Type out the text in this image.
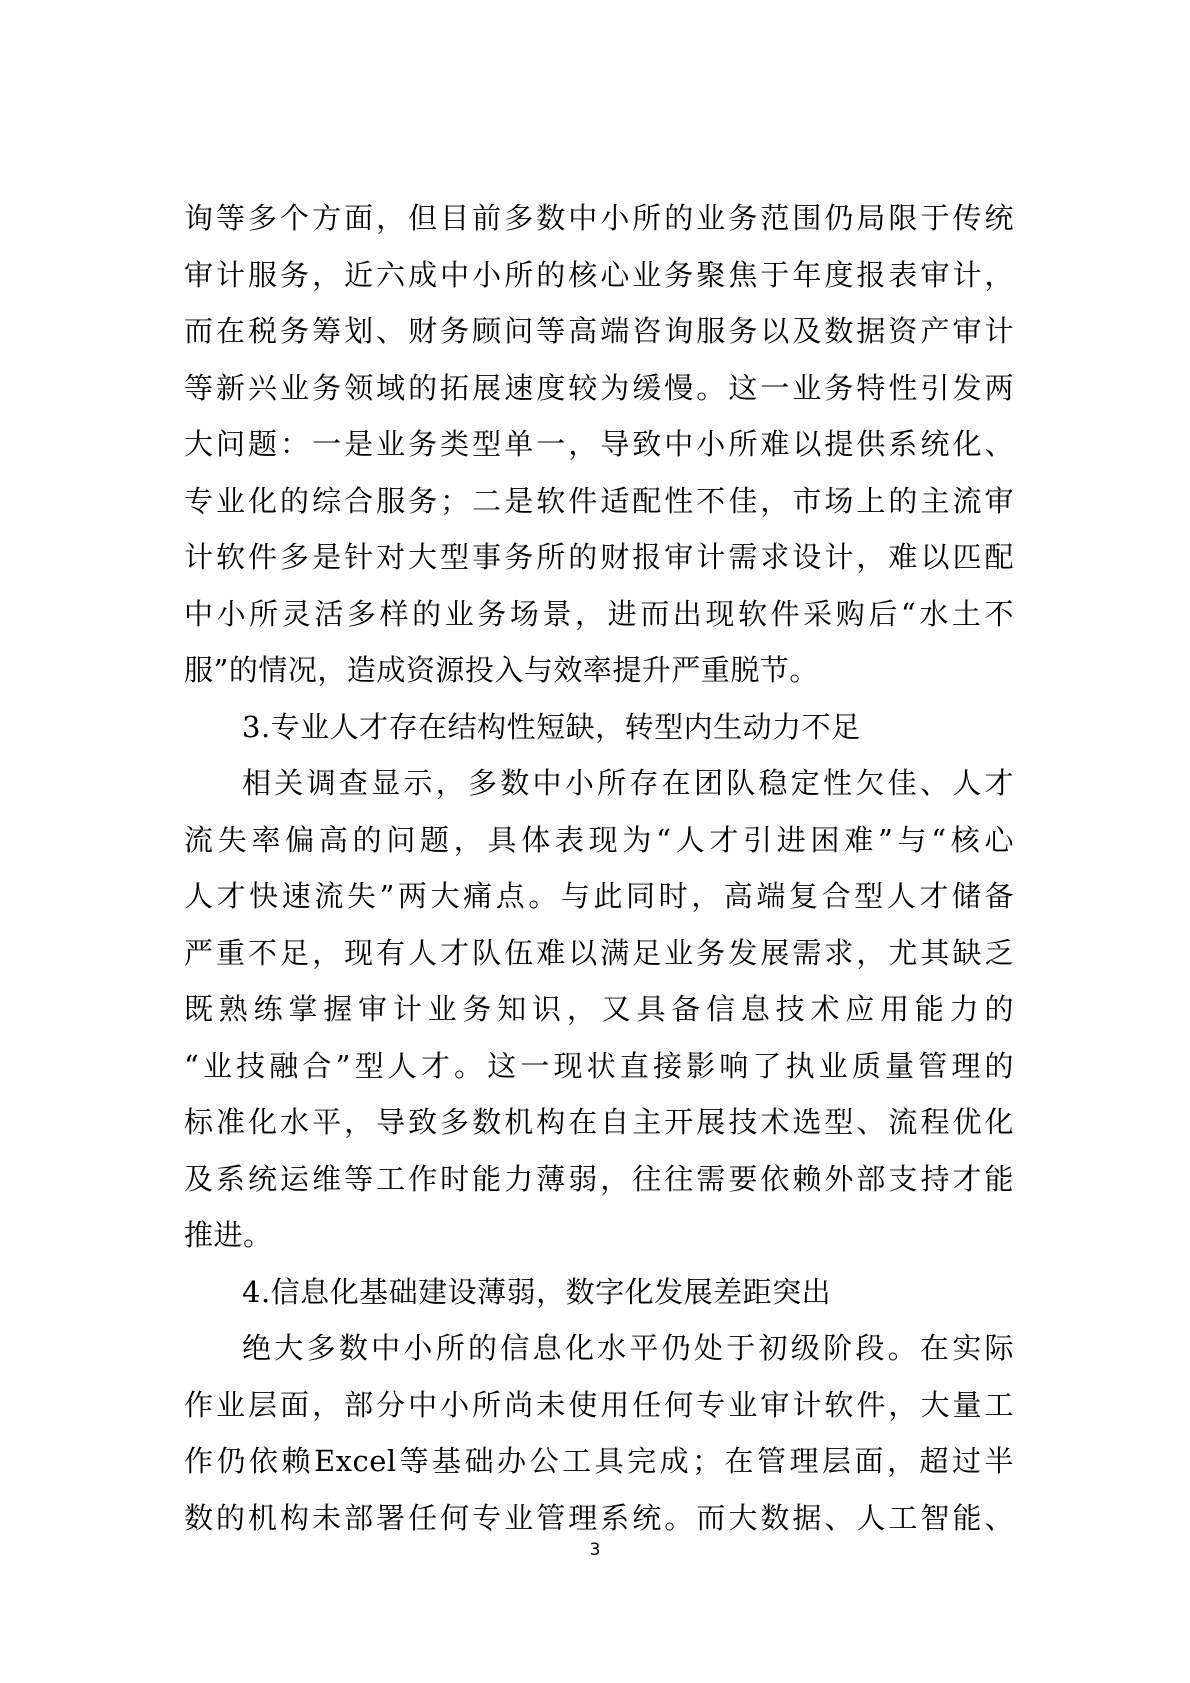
询等多个方面，但目前多数中小所的业务范围仍局限于传统
审计服务，近六成中小所的核心业务聚焦于年度报表审计，
而在税务筹划、财务顾问等高端咨询服务以及数据资产审计
等新兴业务领域的拓展速度较为缓慢。这一业务特性引发两
大问题：一是业务类型单一，导致中小所难以提供系统化、
专业化的综合服务；二是软件适配性不佳，市场上的主流审
计软件多是针对大型事务所的财报审计需求设计，难以匹配
中小所灵活多样的业务场景，进而出现软件采购后“水土不
服”的情况，造成资源投入与效率提升严重脱节。
3.专业人才存在结构性短缺，转型内生动力不足
相关调查显示，多数中小所存在团队稳定性欠佳、人才
流失率偏高的问题，具体表现为“人才引进困难”与“核心
人才快速流失”两大痛点。与此同时，高端复合型人才储备
严重不足，现有人才队伍难以满足业务发展需求，尤其缺乏
既熟练掌握审计业务知识，又具备信息技术应用能力的
“业技融合”型人才。这一现状直接影响了执业质量管理的
标准化水平，导致多数机构在自主开展技术选型、流程优化
及系统运维等工作时能力薄弱，往往需要依赖外部支持才能
推进。
4.信息化基础建设薄弱，数字化发展差距突出
绝大多数中小所的信息化水平仍处于初级阶段。在实际
作业层面，部分中小所尚未使用任何专业审计软件，大量工
作仍依赖Excel等基础办公工具完成；在管理层面，超过半
数的机构未部署任何专业管理系统。而大数据、人工智能、
3
